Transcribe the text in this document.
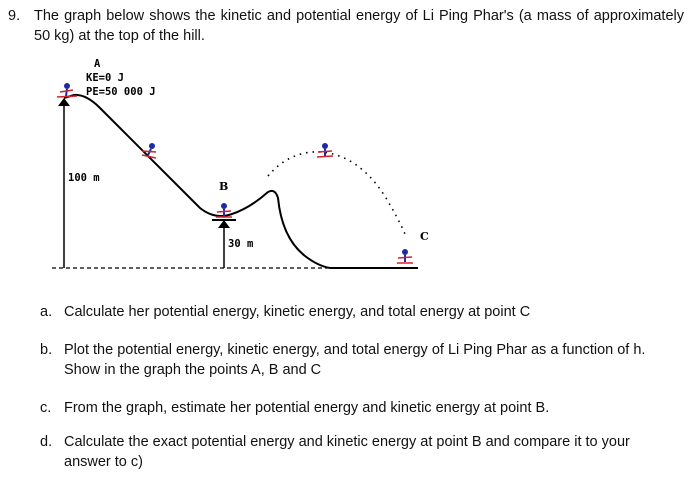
9. The graph below shows the kinetic and potential energy of Li Ping Phar's (a mass of approximately 50 kg) at the top of the hill.
A
KE=0 J
PE=50 000 J
100 m
B
30 m
C
a. Calculate her potential energy, kinetic energy, and total energy at point C
b. Plot the potential energy, kinetic energy, and total energy of Li Ping Phar as a function of h. Show in the graph the points A, B and C
c. From the graph, estimate her potential energy and kinetic energy at point B.
d. Calculate the exact potential energy and kinetic energy at point B and compare it to your answer to c)
